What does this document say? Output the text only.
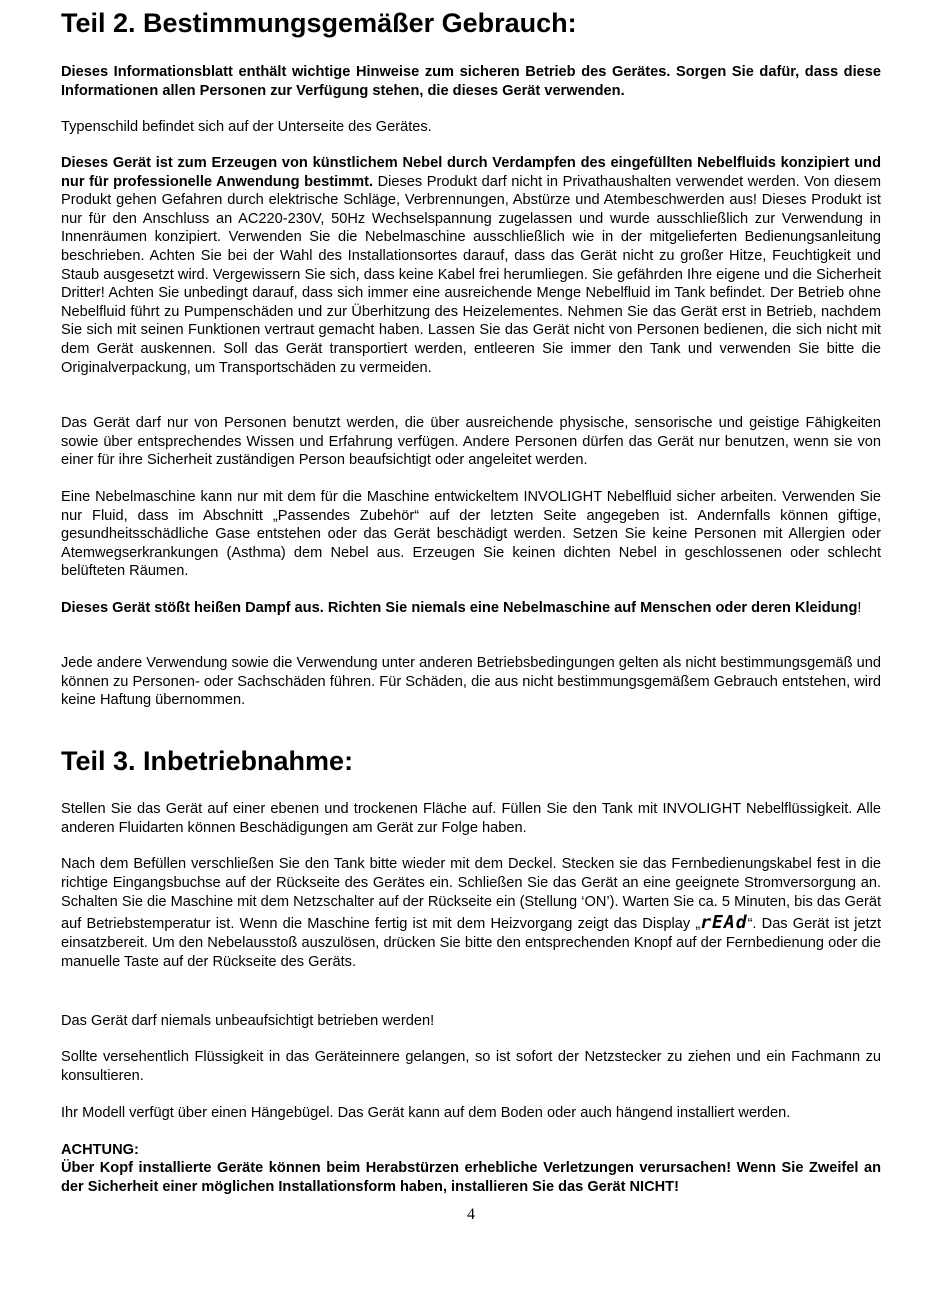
Teil 2. Bestimmungsgemäßer Gebrauch:

Dieses Informationsblatt enthält wichtige Hinweise zum sicheren Betrieb des Gerätes. Sorgen Sie dafür, dass diese Informationen allen Personen zur Verfügung stehen, die dieses Gerät verwenden.

Typenschild befindet sich auf der Unterseite des Gerätes.

Dieses Gerät ist zum Erzeugen von künstlichem Nebel durch Verdampfen des eingefüllten Nebelfluids konzipiert und nur für professionelle Anwendung bestimmt. Dieses Produkt darf nicht in Privathaushalten verwendet werden. Von diesem Produkt gehen Gefahren durch elektrische Schläge, Verbrennungen, Abstürze und Atembeschwerden aus! Dieses Produkt ist nur für den Anschluss an AC220-230V, 50Hz Wechselspannung zugelassen und wurde ausschließlich zur Verwendung in Innenräumen konzipiert. Verwenden Sie die Nebelmaschine ausschließlich wie in der mitgelieferten Bedienungsanleitung beschrieben. Achten Sie bei der Wahl des Installationsortes darauf, dass das Gerät nicht zu großer Hitze, Feuchtigkeit und Staub ausgesetzt wird. Vergewissern Sie sich, dass keine Kabel frei herumliegen. Sie gefährden Ihre eigene und die Sicherheit Dritter! Achten Sie unbedingt darauf, dass sich immer eine ausreichende Menge Nebelfluid im Tank befindet. Der Betrieb ohne Nebelfluid führt zu Pumpenschäden und zur Überhitzung des Heizelementes. Nehmen Sie das Gerät erst in Betrieb, nachdem Sie sich mit seinen Funktionen vertraut gemacht haben. Lassen Sie das Gerät nicht von Personen bedienen, die sich nicht mit dem Gerät auskennen. Soll das Gerät transportiert werden, entleeren Sie immer den Tank und verwenden Sie bitte die Originalverpackung, um Transportschäden zu vermeiden.

Das Gerät darf nur von Personen benutzt werden, die über ausreichende physische, sensorische und geistige Fähigkeiten sowie über entsprechendes Wissen und Erfahrung verfügen. Andere Personen dürfen das Gerät nur benutzen, wenn sie von einer für ihre Sicherheit zuständigen Person beaufsichtigt oder angeleitet werden.

Eine Nebelmaschine kann nur mit dem für die Maschine entwickeltem INVOLIGHT Nebelfluid sicher arbeiten. Verwenden Sie nur Fluid, dass im Abschnitt „Passendes Zubehör“ auf der letzten Seite angegeben ist. Andernfalls können giftige, gesundheitsschädliche Gase entstehen oder das Gerät beschädigt werden. Setzen Sie keine Personen mit Allergien oder Atemwegserkrankungen (Asthma) dem Nebel aus. Erzeugen Sie keinen dichten Nebel in geschlossenen oder schlecht belüfteten Räumen.

Dieses Gerät stößt heißen Dampf aus. Richten Sie niemals eine Nebelmaschine auf Menschen oder deren Kleidung!

Jede andere Verwendung sowie die Verwendung unter anderen Betriebsbedingungen gelten als nicht bestimmungsgemäß und können zu Personen- oder Sachschäden führen. Für Schäden, die aus nicht bestimmungsgemäßem Gebrauch entstehen, wird keine Haftung übernommen.

Teil 3. Inbetriebnahme:

Stellen Sie das Gerät auf einer ebenen und trockenen Fläche auf. Füllen Sie den Tank mit INVOLIGHT Nebelflüssigkeit. Alle anderen Fluidarten können Beschädigungen am Gerät zur Folge haben.

Nach dem Befüllen verschließen Sie den Tank bitte wieder mit dem Deckel. Stecken sie das Fernbedienungskabel fest in die richtige Eingangsbuchse auf der Rückseite des Gerätes ein. Schließen Sie das Gerät an eine geeignete Stromversorgung an. Schalten Sie die Maschine mit dem Netzschalter auf der Rückseite ein (Stellung ‘ON’). Warten Sie ca. 5 Minuten, bis das Gerät auf Betriebstemperatur ist. Wenn die Maschine fertig ist mit dem Heizvorgang zeigt das Display „rEAd“. Das Gerät ist jetzt einsatzbereit. Um den Nebelausstoß auszulösen, drücken Sie bitte den entsprechenden Knopf auf der Fernbedienung oder die manuelle Taste auf der Rückseite des Geräts.

Das Gerät darf niemals unbeaufsichtigt betrieben werden!

Sollte versehentlich Flüssigkeit in das Geräteinnere gelangen, so ist sofort der Netzstecker zu ziehen und ein Fachmann zu konsultieren.

Ihr Modell verfügt über einen Hängebügel. Das Gerät kann auf dem Boden oder auch hängend installiert werden.

ACHTUNG:

Über Kopf installierte Geräte können beim Herabstürzen erhebliche Verletzungen verursachen! Wenn Sie Zweifel an der Sicherheit einer möglichen Installationsform haben, installieren Sie das Gerät NICHT!

4
